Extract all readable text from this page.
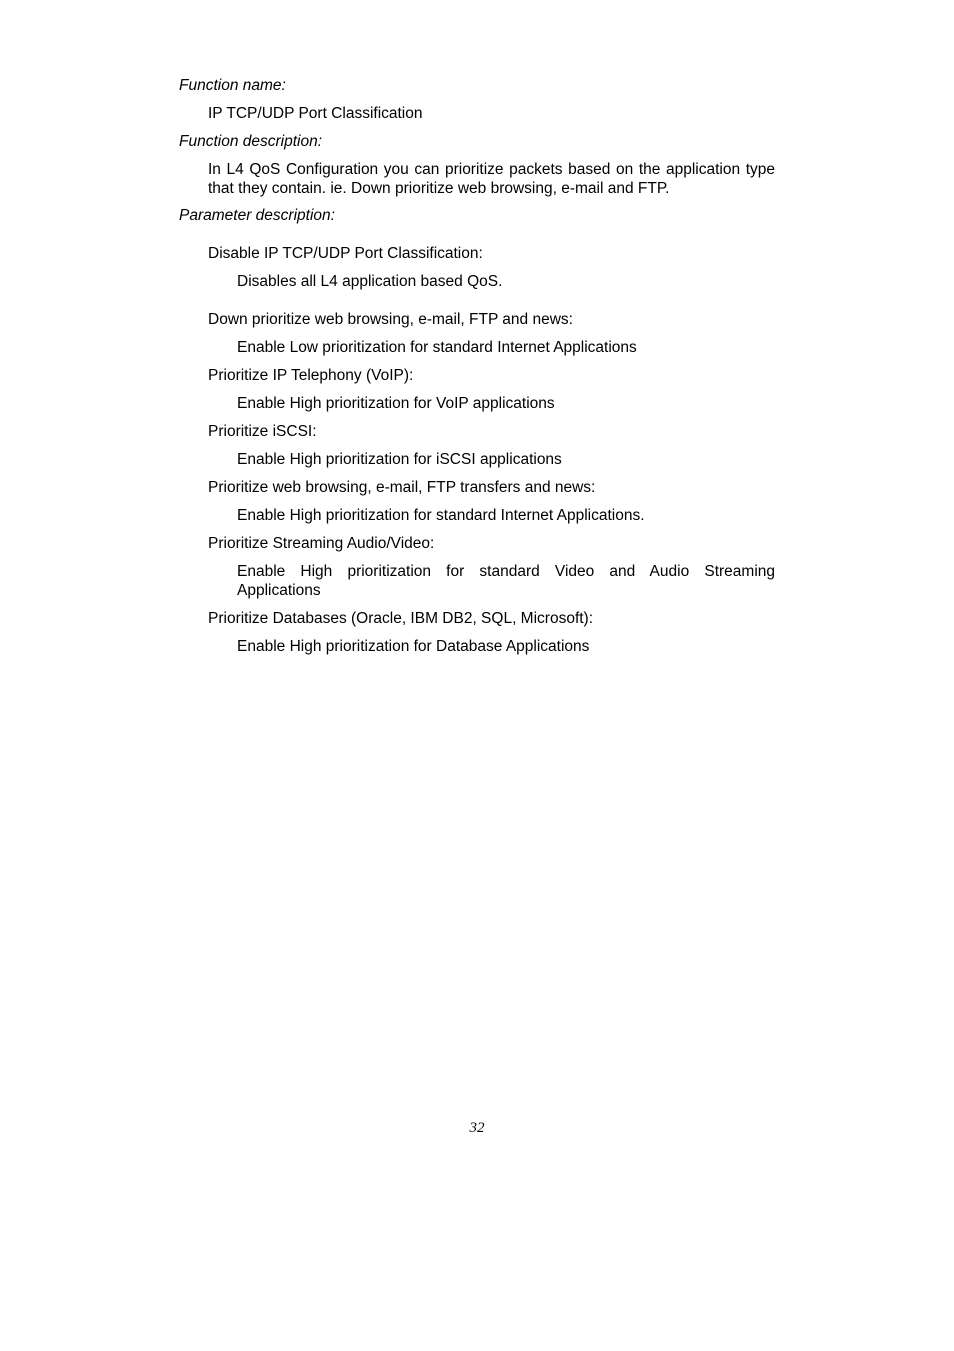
Function name:

IP TCP/UDP Port Classification

Function description:

In L4 QoS Configuration you can prioritize packets based on the application type that they contain. ie. Down prioritize web browsing, e-mail and FTP.

Parameter description:

Disable IP TCP/UDP Port Classification:

Disables all L4 application based QoS.

Down prioritize web browsing, e-mail, FTP and news:

Enable Low prioritization for standard Internet Applications

Prioritize IP Telephony (VoIP):

Enable High prioritization for VoIP applications

Prioritize iSCSI:

Enable High prioritization for iSCSI applications

Prioritize web browsing, e-mail, FTP transfers and news:

Enable High prioritization for standard Internet Applications.

Prioritize Streaming Audio/Video:

Enable High prioritization for standard Video and Audio Streaming Applications

Prioritize Databases (Oracle, IBM DB2, SQL, Microsoft):

Enable High prioritization for Database Applications

32
